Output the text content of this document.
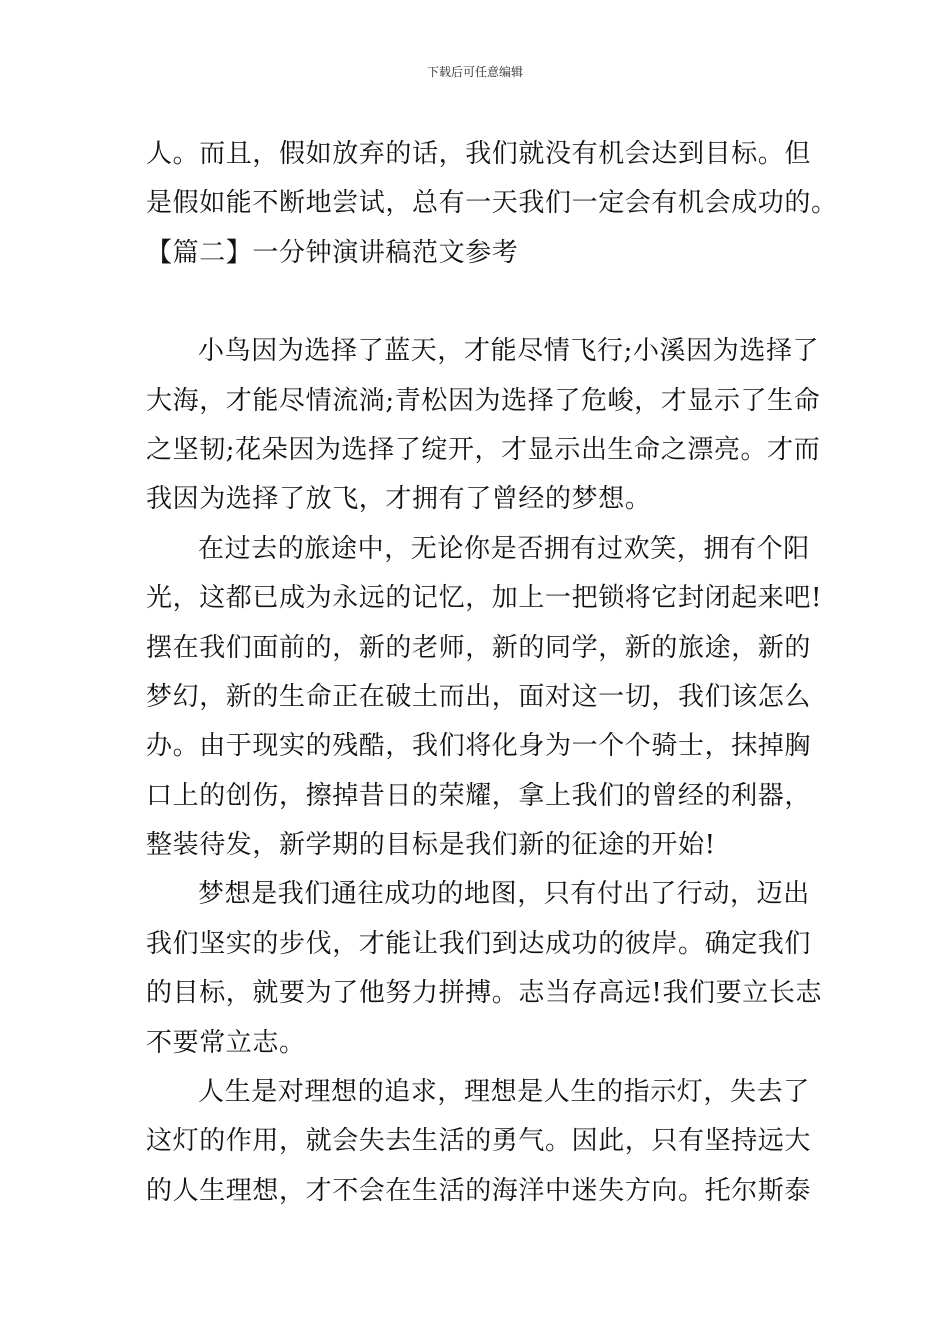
下载后可任意编辑
人。而且，假如放弃的话，我们就没有机会达到目标。但
是假如能不断地尝试，总有一天我们一定会有机会成功的。
【篇二】一分钟演讲稿范文参考
小鸟因为选择了蓝天，才能尽情飞行;小溪因为选择了
大海，才能尽情流淌;青松因为选择了危峻，才显示了生命
之坚韧;花朵因为选择了绽开，才显示出生命之漂亮。才而
我因为选择了放飞，才拥有了曾经的梦想。
在过去的旅途中，无论你是否拥有过欢笑，拥有个阳
光，这都已成为永远的记忆，加上一把锁将它封闭起来吧!
摆在我们面前的，新的老师，新的同学，新的旅途，新的
梦幻，新的生命正在破土而出，面对这一切，我们该怎么
办。由于现实的残酷，我们将化身为一个个骑士，抹掉胸
口上的创伤，擦掉昔日的荣耀，拿上我们的曾经的利器，
整装待发，新学期的目标是我们新的征途的开始!
梦想是我们通往成功的地图，只有付出了行动，迈出
我们坚实的步伐，才能让我们到达成功的彼岸。确定我们
的目标，就要为了他努力拼搏。志当存高远!我们要立长志
不要常立志。
人生是对理想的追求，理想是人生的指示灯，失去了
这灯的作用，就会失去生活的勇气。因此，只有坚持远大
的人生理想，才不会在生活的海洋中迷失方向。托尔斯泰
